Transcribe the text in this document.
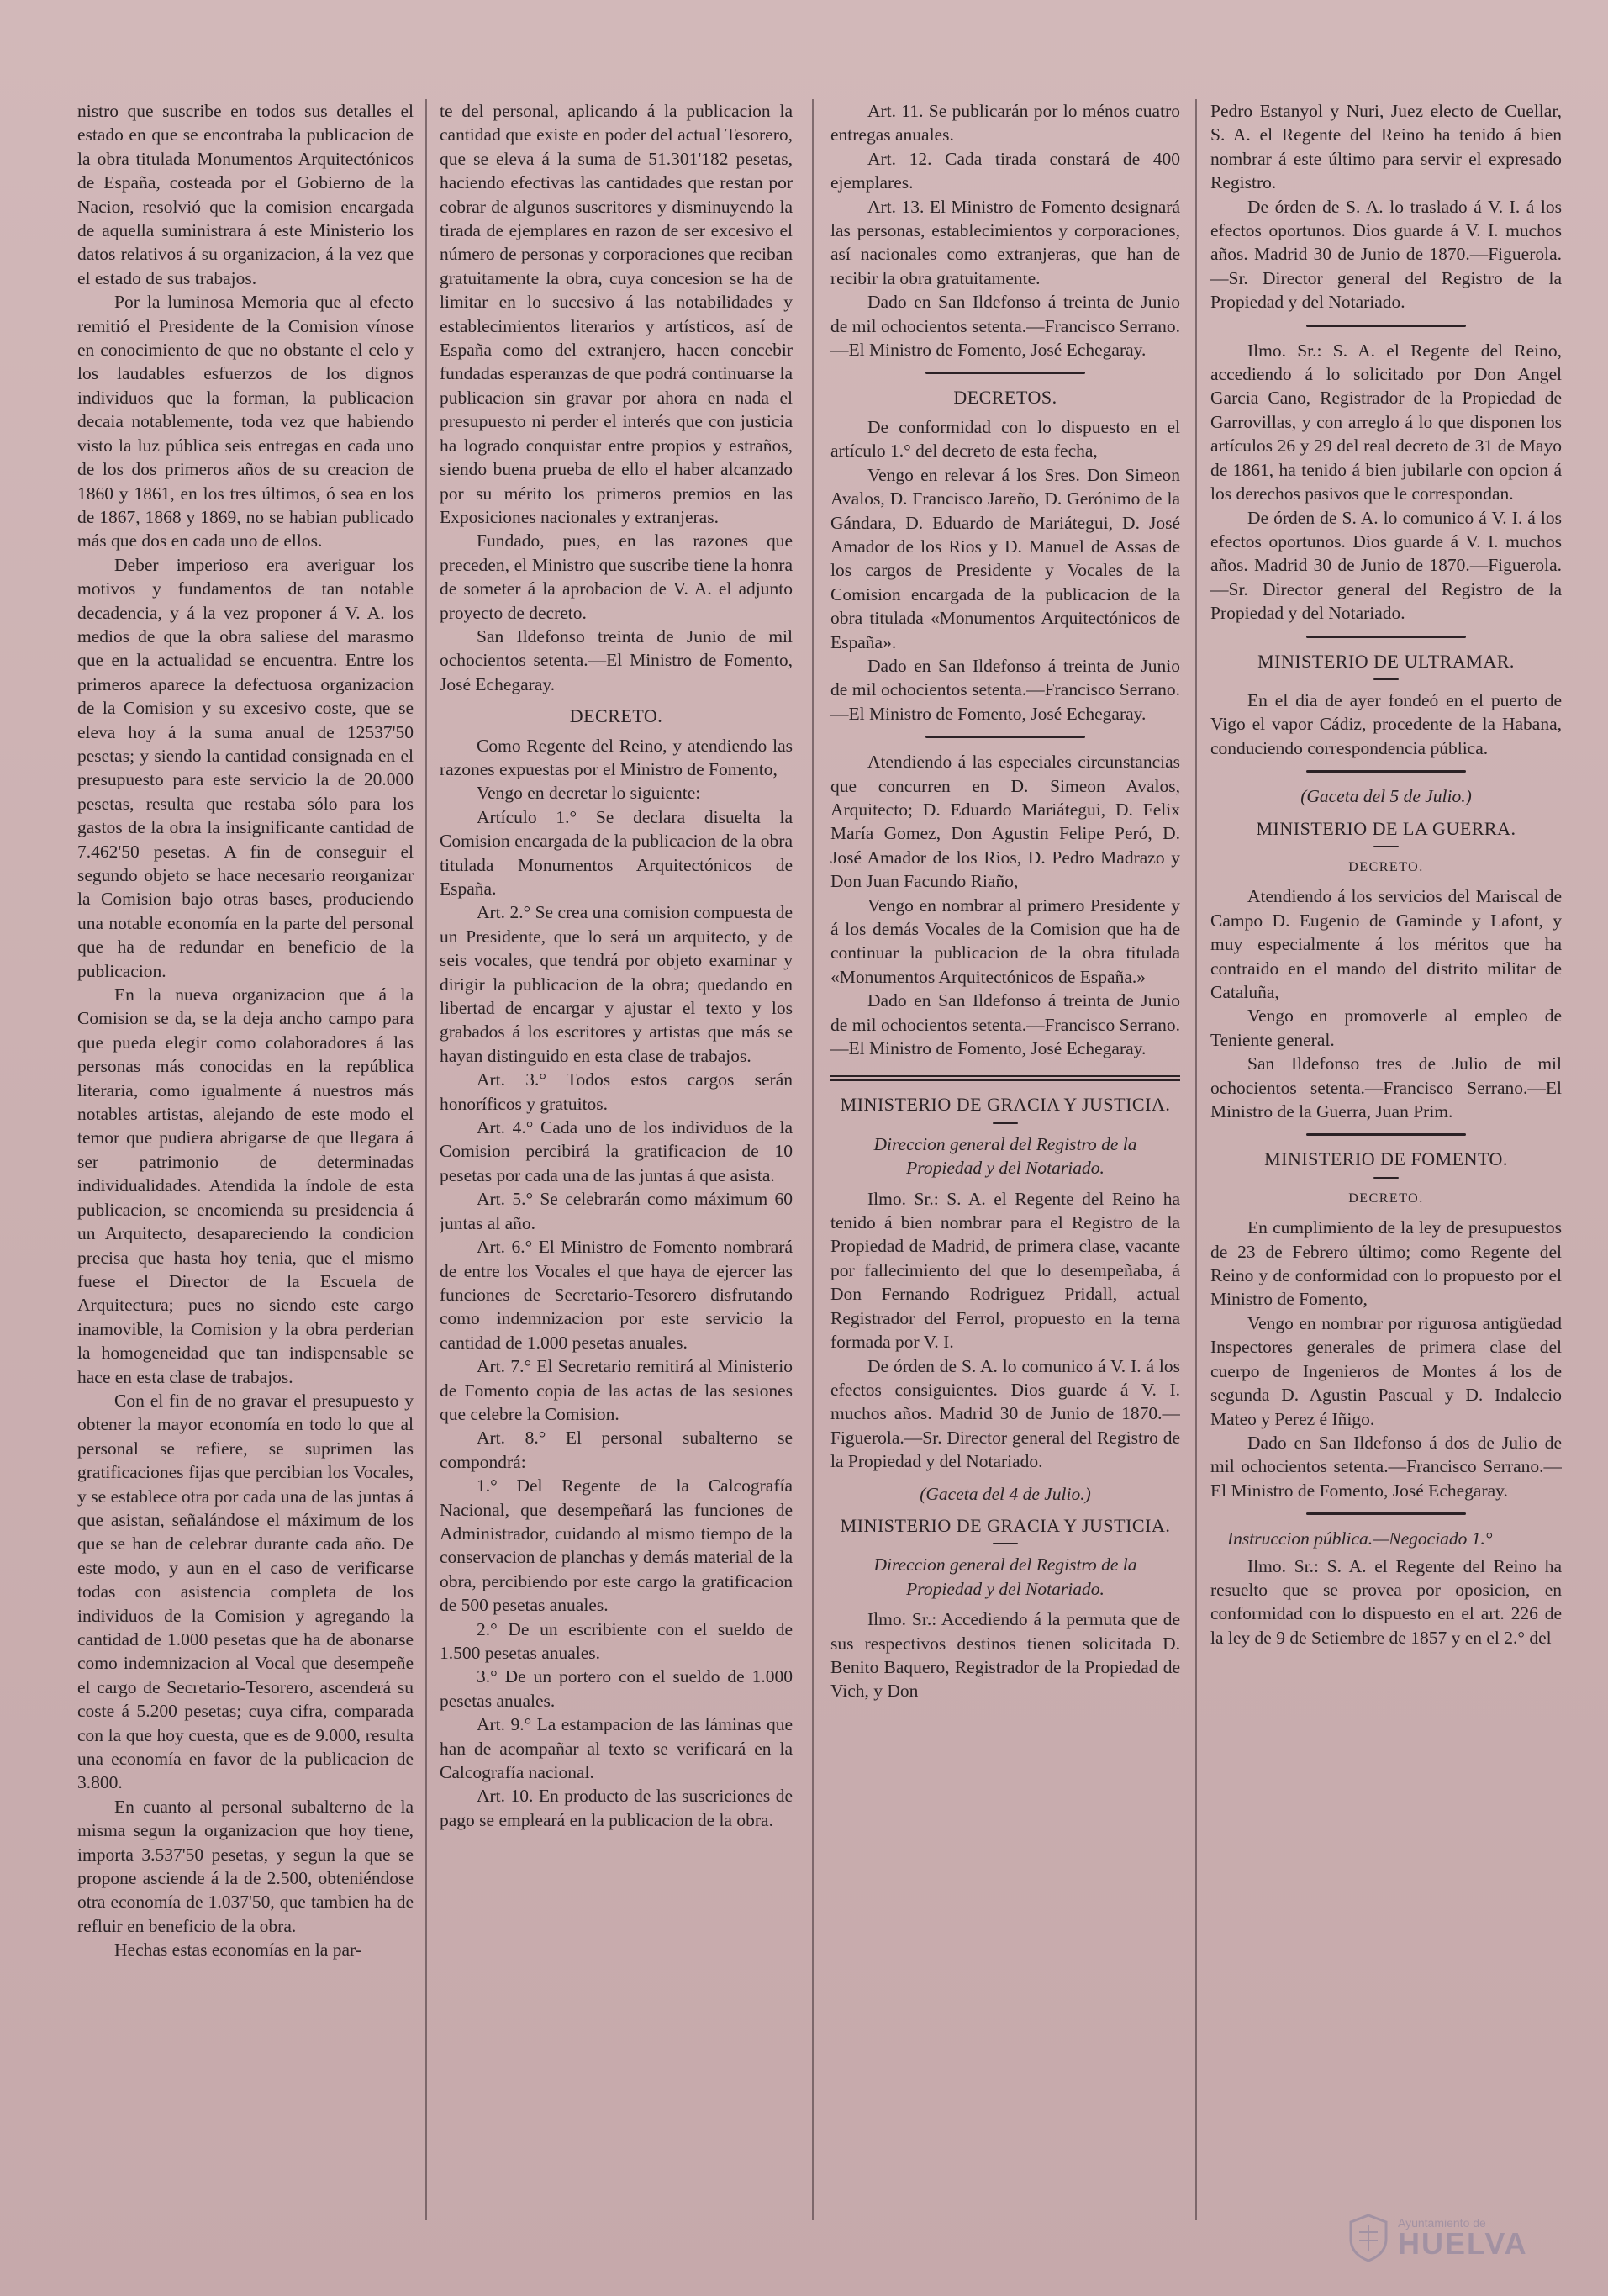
nistro que suscribe en todos sus detalles el estado en que se encontraba la publicacion de la obra titulada Monumentos Arquitectónicos de España, costeada por el Gobierno de la Nacion, resolvió que la comision encargada de aquella suministrara á este Ministerio los datos relativos á su organizacion, á la vez que el estado de sus trabajos.

Por la luminosa Memoria que al efecto remitió el Presidente de la Comision vínose en conocimiento de que no obstante el celo y los laudables esfuerzos de los dignos individuos que la forman, la publicacion decaia notablemente, toda vez que habiendo visto la luz pública seis entregas en cada uno de los dos primeros años de su creacion de 1860 y 1861, en los tres últimos, ó sea en los de 1867, 1868 y 1869, no se habian publicado más que dos en cada uno de ellos.

Deber imperioso era averiguar los motivos y fundamentos de tan notable decadencia, y á la vez proponer á V. A. los medios de que la obra saliese del marasmo que en la actualidad se encuentra. Entre los primeros aparece la defectuosa organizacion de la Comision y su excesivo coste, que se eleva hoy á la suma anual de 12537'50 pesetas; y siendo la cantidad consignada en el presupuesto para este servicio la de 20.000 pesetas, resulta que restaba sólo para los gastos de la obra la insignificante cantidad de 7.462'50 pesetas. A fin de conseguir el segundo objeto se hace necesario reorganizar la Comision bajo otras bases, produciendo una notable economía en la parte del personal que ha de redundar en beneficio de la publicacion.

En la nueva organizacion que á la Comision se da, se la deja ancho campo para que pueda elegir como colaboradores á las personas más conocidas en la república literaria, como igualmente á nuestros más notables artistas, alejando de este modo el temor que pudiera abrigarse de que llegara á ser patrimonio de determinadas individualidades. Atendida la índole de esta publicacion, se encomienda su presidencia á un Arquitecto, desapareciendo la condicion precisa que hasta hoy tenia, que el mismo fuese el Director de la Escuela de Arquitectura; pues no siendo este cargo inamovible, la Comision y la obra perderian la homogeneidad que tan indispensable se hace en esta clase de trabajos.

Con el fin de no gravar el presupuesto y obtener la mayor economía en todo lo que al personal se refiere, se suprimen las gratificaciones fijas que percibian los Vocales, y se establece otra por cada una de las juntas á que asistan, señalándose el máximum de los que se han de celebrar durante cada año. De este modo, y aun en el caso de verificarse todas con asistencia completa de los individuos de la Comision y agregando la cantidad de 1.000 pesetas que ha de abonarse como indemnizacion al Vocal que desempeñe el cargo de Secretario-Tesorero, ascenderá su coste á 5.200 pesetas; cuya cifra, comparada con la que hoy cuesta, que es de 9.000, resulta una economía en favor de la publicacion de 3.800.

En cuanto al personal subalterno de la misma segun la organizacion que hoy tiene, importa 3.537'50 pesetas, y segun la que se propone asciende á la de 2.500, obteniéndose otra economía de 1.037'50, que tambien ha de refluir en beneficio de la obra.

Hechas estas economías en la par-

te del personal, aplicando á la publicacion la cantidad que existe en poder del actual Tesorero, que se eleva á la suma de 51.301'182 pesetas, haciendo efectivas las cantidades que restan por cobrar de algunos suscritores y disminuyendo la tirada de ejemplares en razon de ser excesivo el número de personas y corporaciones que reciban gratuitamente la obra, cuya concesion se ha de limitar en lo sucesivo á las notabilidades y establecimientos literarios y artísticos, así de España como del extranjero, hacen concebir fundadas esperanzas de que podrá continuarse la publicacion sin gravar por ahora en nada el presupuesto ni perder el interés que con justicia ha logrado conquistar entre propios y estraños, siendo buena prueba de ello el haber alcanzado por su mérito los primeros premios en las Exposiciones nacionales y extranjeras.

Fundado, pues, en las razones que preceden, el Ministro que suscribe tiene la honra de someter á la aprobacion de V. A. el adjunto proyecto de decreto.

San Ildefonso treinta de Junio de mil ochocientos setenta.—El Ministro de Fomento, José Echegaray.

DECRETO.

Como Regente del Reino, y atendiendo las razones expuestas por el Ministro de Fomento,

Vengo en decretar lo siguiente:

Artículo 1.° Se declara disuelta la Comision encargada de la publicacion de la obra titulada Monumentos Arquitectónicos de España.

Art. 2.° Se crea una comision compuesta de un Presidente, que lo será un arquitecto, y de seis vocales, que tendrá por objeto examinar y dirigir la publicacion de la obra; quedando en libertad de encargar y ajustar el texto y los grabados á los escritores y artistas que más se hayan distinguido en esta clase de trabajos.

Art. 3.° Todos estos cargos serán honoríficos y gratuitos.

Art. 4.° Cada uno de los individuos de la Comision percibirá la gratificacion de 10 pesetas por cada una de las juntas á que asista.

Art. 5.° Se celebrarán como máximum 60 juntas al año.

Art. 6.° El Ministro de Fomento nombrará de entre los Vocales el que haya de ejercer las funciones de Secretario-Tesorero disfrutando como indemnizacion por este servicio la cantidad de 1.000 pesetas anuales.

Art. 7.° El Secretario remitirá al Ministerio de Fomento copia de las actas de las sesiones que celebre la Comision.

Art. 8.° El personal subalterno se compondrá:

1.° Del Regente de la Calcografía Nacional, que desempeñará las funciones de Administrador, cuidando al mismo tiempo de la conservacion de planchas y demás material de la obra, percibiendo por este cargo la gratificacion de 500 pesetas anuales.

2.° De un escribiente con el sueldo de 1.500 pesetas anuales.

3.° De un portero con el sueldo de 1.000 pesetas anuales.

Art. 9.° La estampacion de las láminas que han de acompañar al texto se verificará en la Calcografía nacional.

Art. 10. En producto de las suscriciones de pago se empleará en la publicacion de la obra.

Art. 11. Se publicarán por lo ménos cuatro entregas anuales.

Art. 12. Cada tirada constará de 400 ejemplares.

Art. 13. El Ministro de Fomento designará las personas, establecimientos y corporaciones, así nacionales como extranjeras, que han de recibir la obra gratuitamente.

Dado en San Ildefonso á treinta de Junio de mil ochocientos setenta.—Francisco Serrano.—El Ministro de Fomento, José Echegaray.

DECRETOS.

De conformidad con lo dispuesto en el artículo 1.° del decreto de esta fecha,

Vengo en relevar á los Sres. Don Simeon Avalos, D. Francisco Jareño, D. Gerónimo de la Gándara, D. Eduardo de Mariátegui, D. José Amador de los Rios y D. Manuel de Assas de los cargos de Presidente y Vocales de la Comision encargada de la publicacion de la obra titulada «Monumentos Arquitectónicos de España».

Dado en San Ildefonso á treinta de Junio de mil ochocientos setenta.—Francisco Serrano.—El Ministro de Fomento, José Echegaray.

Atendiendo á las especiales circunstancias que concurren en D. Simeon Avalos, Arquitecto; D. Eduardo Mariátegui, D. Felix María Gomez, Don Agustin Felipe Peró, D. José Amador de los Rios, D. Pedro Madrazo y Don Juan Facundo Riaño,

Vengo en nombrar al primero Presidente y á los demás Vocales de la Comision que ha de continuar la publicacion de la obra titulada «Monumentos Arquitectónicos de España.»

Dado en San Ildefonso á treinta de Junio de mil ochocientos setenta.—Francisco Serrano.—El Ministro de Fomento, José Echegaray.

MINISTERIO DE GRACIA Y JUSTICIA.

Direccion general del Registro de la Propiedad y del Notariado.

Ilmo. Sr.: S. A. el Regente del Reino ha tenido á bien nombrar para el Registro de la Propiedad de Madrid, de primera clase, vacante por fallecimiento del que lo desempeñaba, á Don Fernando Rodriguez Pridall, actual Registrador del Ferrol, propuesto en la terna formada por V. I.

De órden de S. A. lo comunico á V. I. á los efectos consiguientes. Dios guarde á V. I. muchos años. Madrid 30 de Junio de 1870.—Figuerola.—Sr. Director general del Registro de la Propiedad y del Notariado.

(Gaceta del 4 de Julio.)

MINISTERIO DE GRACIA Y JUSTICIA.

Direccion general del Registro de la Propiedad y del Notariado.

Ilmo. Sr.: Accediendo á la permuta que de sus respectivos destinos tienen solicitada D. Benito Baquero, Registrador de la Propiedad de Vich, y Don

Pedro Estanyol y Nuri, Juez electo de Cuellar, S. A. el Regente del Reino ha tenido á bien nombrar á este último para servir el expresado Registro.

De órden de S. A. lo traslado á V. I. á los efectos oportunos. Dios guarde á V. I. muchos años. Madrid 30 de Junio de 1870.—Figuerola.—Sr. Director general del Registro de la Propiedad y del Notariado.

Ilmo. Sr.: S. A. el Regente del Reino, accediendo á lo solicitado por Don Angel Garcia Cano, Registrador de la Propiedad de Garrovillas, y con arreglo á lo que disponen los artículos 26 y 29 del real decreto de 31 de Mayo de 1861, ha tenido á bien jubilarle con opcion á los derechos pasivos que le correspondan.

De órden de S. A. lo comunico á V. I. á los efectos oportunos. Dios guarde á V. I. muchos años. Madrid 30 de Junio de 1870.—Figuerola.—Sr. Director general del Registro de la Propiedad y del Notariado.

MINISTERIO DE ULTRAMAR.

En el dia de ayer fondeó en el puerto de Vigo el vapor Cádiz, procedente de la Habana, conduciendo correspondencia pública.

(Gaceta del 5 de Julio.)

MINISTERIO DE LA GUERRA.

DECRETO.

Atendiendo á los servicios del Mariscal de Campo D. Eugenio de Gaminde y Lafont, y muy especialmente á los méritos que ha contraido en el mando del distrito militar de Cataluña,

Vengo en promoverle al empleo de Teniente general.

San Ildefonso tres de Julio de mil ochocientos setenta.—Francisco Serrano.—El Ministro de la Guerra, Juan Prim.

MINISTERIO DE FOMENTO.

DECRETO.

En cumplimiento de la ley de presupuestos de 23 de Febrero último; como Regente del Reino y de conformidad con lo propuesto por el Ministro de Fomento,

Vengo en nombrar por rigurosa antigüedad Inspectores generales de primera clase del cuerpo de Ingenieros de Montes á los de segunda D. Agustin Pascual y D. Indalecio Mateo y Perez é Iñigo.

Dado en San Ildefonso á dos de Julio de mil ochocientos setenta.—Francisco Serrano.—El Ministro de Fomento, José Echegaray.

Instruccion pública.—Negociado 1.°

Ilmo. Sr.: S. A. el Regente del Reino ha resuelto que se provea por oposicion, en conformidad con lo dispuesto en el art. 226 de la ley de 9 de Setiembre de 1857 y en el 2.° del

Ayuntamiento de
HUELVA
